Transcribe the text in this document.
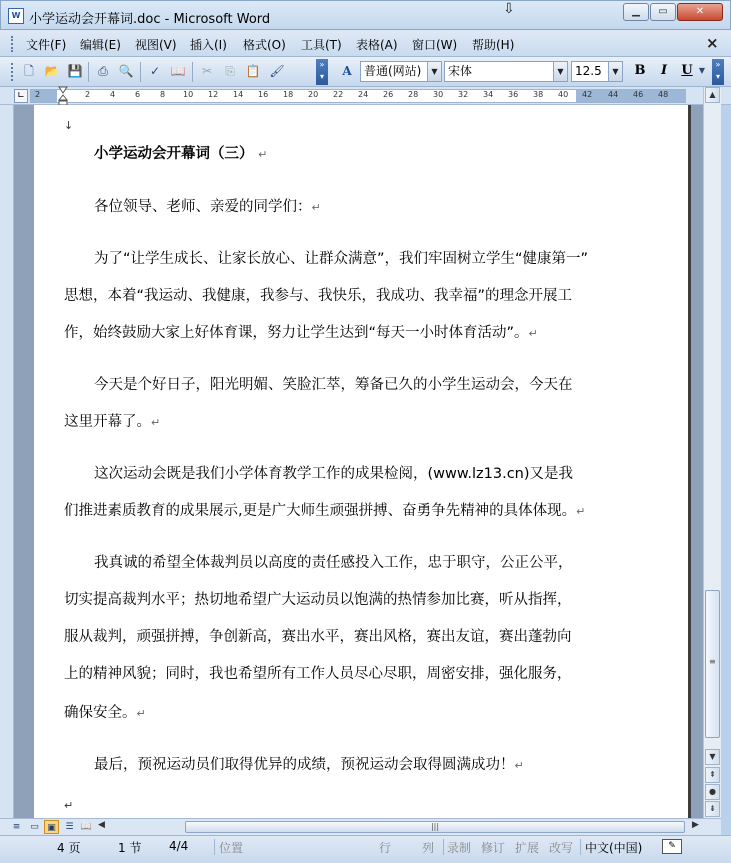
W 小学运动会开幕词.doc - Microsoft Word
⇩	▁	▭	✕
文件(F) 编辑(E) 视图(V) 插入(I) 格式(O) 工具(T) 表格(A) 窗口(W) 帮助(H)	×
🗋 📂 💾	⎙ 🔍	✓ 📖	✂	⎘ 📋 🖌	»
▾	A	普通(网站)	▼ 宋体	▼ 12.5	▼ B	I	U ▼
»
▾
∟	2	2 4 6 8 10 12 14 16 18 20 22 24 26 28 30 32 34 36 38 40 42 44 46 48
↓
小学运动会开幕词（三） ↵
各位领导、老师、亲爱的同学们：↵
为了“让学生成长、让家长放心、让群众满意”，我们牢固树立学生“健康第一”
思想，本着“我运动、我健康，我参与、我快乐，我成功、我幸福”的理念开展工
作，始终鼓励大家上好体育课，努力让学生达到“每天一小时体育活动”。↵
今天是个好日子，阳光明媚、笑脸汇萃，筹备已久的小学生运动会，今天在
这里开幕了。↵
这次运动会既是我们小学体育教学工作的成果检阅，(www.lz13.cn)又是我
们推进素质教育的成果展示,更是广大师生顽强拼搏、奋勇争先精神的具体体现。↵
我真诚的希望全体裁判员以高度的责任感投入工作，忠于职守，公正公平，
切实提高裁判水平；热切地希望广大运动员以饱满的热情参加比赛，听从指挥，
服从裁判，顽强拼搏，争创新高，赛出水平，赛出风格，赛出友谊，赛出蓬勃向
上的精神风貌；同时，我也希望所有工作人员尽心尽职，周密安排，强化服务，
确保安全。↵
最后，预祝运动员们取得优异的成绩，预祝运动会取得圆满成功！↵
↵
▲
≡
▼
⇞
●
⇟
≡	▭ ▣	☰ 📖 ◀	|||	▶
4 页	1 节 4/4	位置	行	列 录制 修订 扩展 改写 中文(中国)	✎
